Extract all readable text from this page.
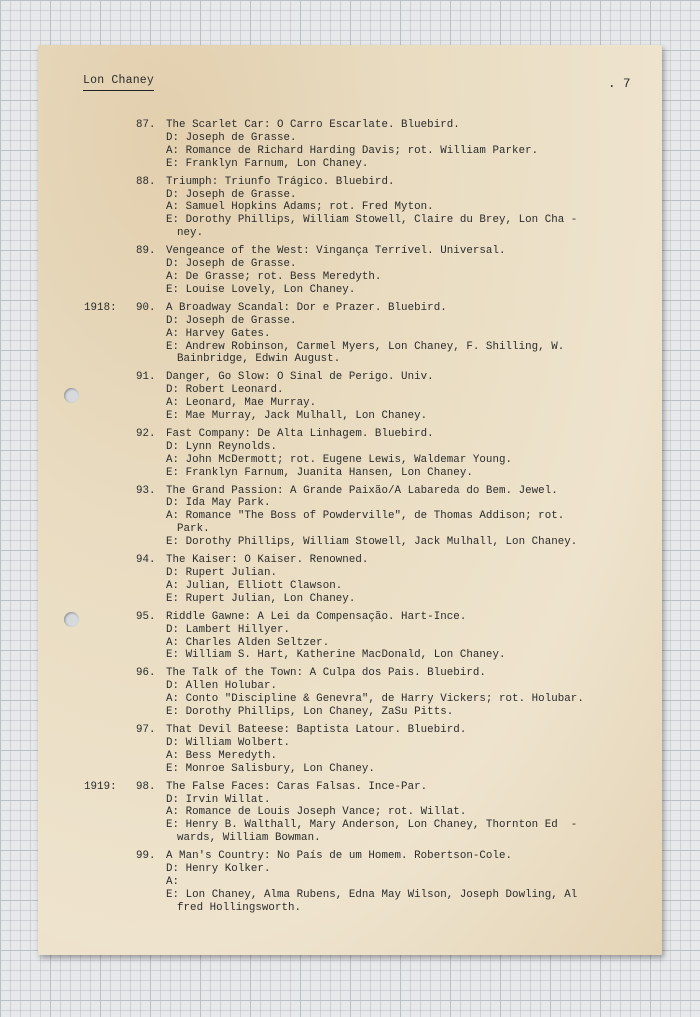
Lon Chaney	. 7
87. The Scarlet Car: O Carro Escarlate. Bluebird.
D: Joseph de Grasse.
A: Romance de Richard Harding Davis; rot. William Parker.
E: Franklyn Farnum, Lon Chaney.
88. Triumph: Triunfo Trágico. Bluebird.
D: Joseph de Grasse.
A: Samuel Hopkins Adams; rot. Fred Myton.
E: Dorothy Phillips, William Stowell, Claire du Brey, Lon Cha -
ney.
89. Vengeance of the West: Vingança Terrível. Universal.
D: Joseph de Grasse.
A: De Grasse; rot. Bess Meredyth.
E: Louise Lovely, Lon Chaney.
1918: 90. A Broadway Scandal: Dor e Prazer. Bluebird.
D: Joseph de Grasse.
A: Harvey Gates.
E: Andrew Robinson, Carmel Myers, Lon Chaney, F. Shilling, W.
Bainbridge, Edwin August.
91. Danger, Go Slow: O Sinal de Perigo. Univ.
D: Robert Leonard.
A: Leonard, Mae Murray.
E: Mae Murray, Jack Mulhall, Lon Chaney.
92. Fast Company: De Alta Linhagem. Bluebird.
D: Lynn Reynolds.
A: John McDermott; rot. Eugene Lewis, Waldemar Young.
E: Franklyn Farnum, Juanita Hansen, Lon Chaney.
93. The Grand Passion: A Grande Paixão/A Labareda do Bem. Jewel.
D: Ida May Park.
A: Romance "The Boss of Powderville", de Thomas Addison; rot.
Park.
E: Dorothy Phillips, William Stowell, Jack Mulhall, Lon Chaney.
94. The Kaiser: O Kaiser. Renowned.
D: Rupert Julian.
A: Julian, Elliott Clawson.
E: Rupert Julian, Lon Chaney.
95. Riddle Gawne: A Lei da Compensação. Hart-Ince.
D: Lambert Hillyer.
A: Charles Alden Seltzer.
E: William S. Hart, Katherine MacDonald, Lon Chaney.
96. The Talk of the Town: A Culpa dos Pais. Bluebird.
D: Allen Holubar.
A: Conto "Discipline & Genevra", de Harry Vickers; rot. Holubar.
E: Dorothy Phillips, Lon Chaney, ZaSu Pitts.
97. That Devil Bateese: Baptista Latour. Bluebird.
D: William Wolbert.
A: Bess Meredyth.
E: Monroe Salisbury, Lon Chaney.
1919: 98. The False Faces: Caras Falsas. Ince-Par.
D: Irvin Willat.
A: Romance de Louis Joseph Vance; rot. Willat.
E: Henry B. Walthall, Mary Anderson, Lon Chaney, Thornton Ed  -
wards, William Bowman.
99. A Man's Country: No País de um Homem. Robertson-Cole.
D: Henry Kolker.
A:
E: Lon Chaney, Alma Rubens, Edna May Wilson, Joseph Dowling, Al
fred Hollingsworth.
